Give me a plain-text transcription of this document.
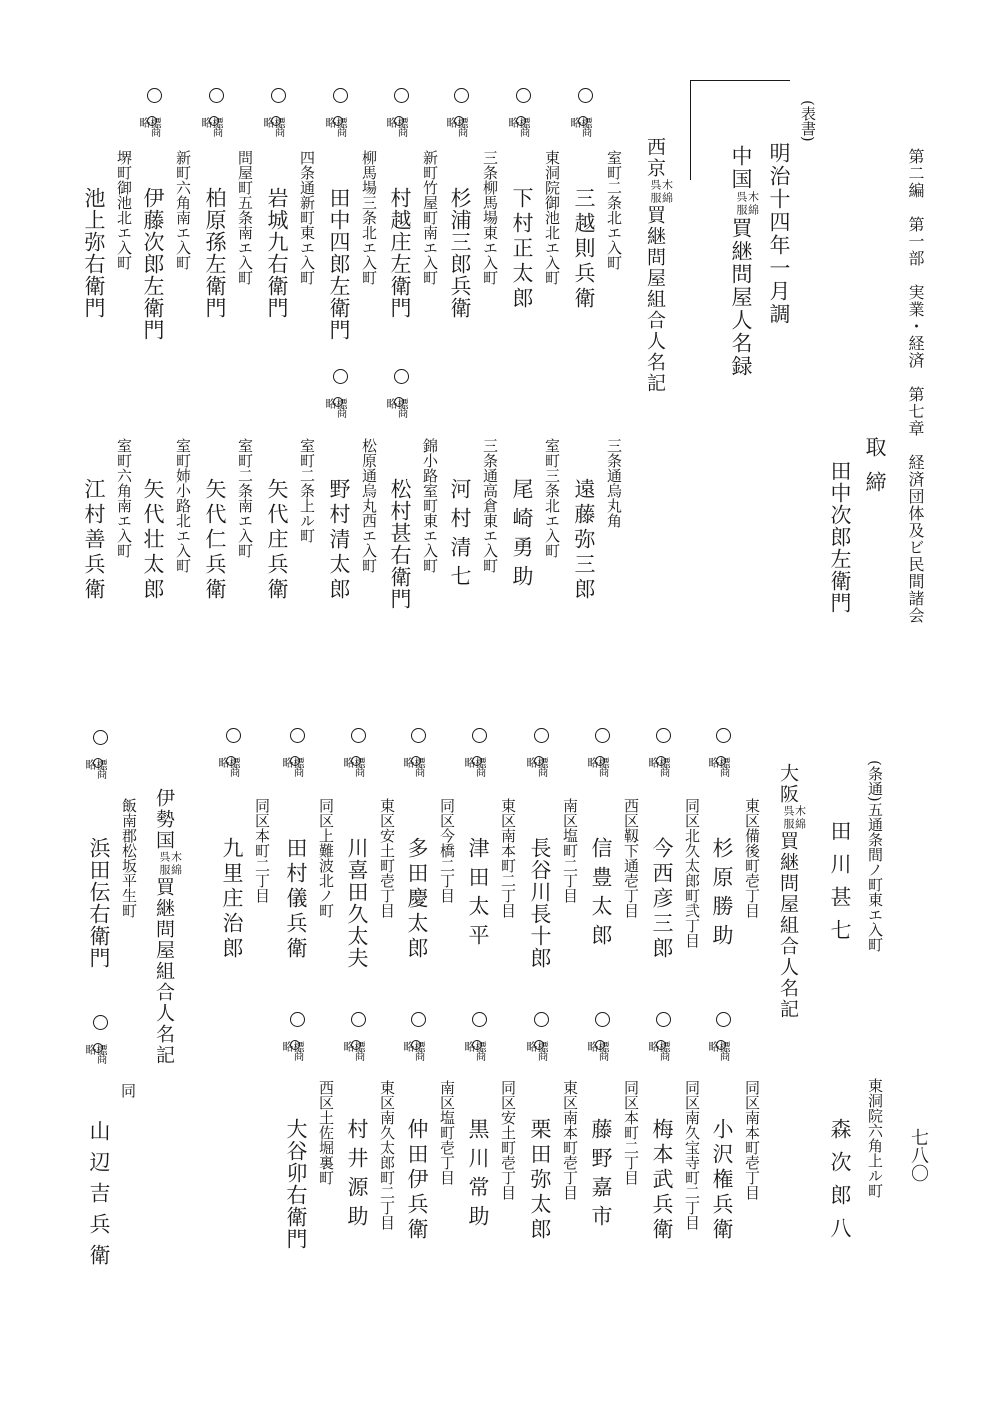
第二編　第一部　実業・経済　第七章　経済団体及ビ民間諸会
七八〇
(表書)
明治十四年一月調
中国
木綿
呉服
買継問屋人名録
取締
田中次郎左衛門
西京
木綿
呉服
買継問屋組合人名記
商
標
略
室町二条北エ入町
三越則兵衛
商
標
略
東洞院御池北エ入町
下村正太郎
商
標
略
三条柳馬場東エ入町
杉浦三郎兵衛
商
標
略
新町竹屋町南エ入町
村越庄左衛門
商
標
略
柳馬場三条北エ入町
田中四郎左衛門
商
標
略
四条通新町東エ入町
岩城九右衛門
商
標
略
問屋町五条南エ入町
柏原孫左衛門
商
標
略
新町六角南エ入町
伊藤次郎左衛門
堺町御池北エ入町
池上弥右衛門
三条通烏丸角
遠藤弥三郎
室町三条北エ入町
尾崎勇助
三条通高倉東エ入町
河村清七
商
標
略
錦小路室町東エ入町
松村甚右衛門
商
標
略
松原通烏丸西エ入町
野村清太郎
室町二条上ル町
矢代庄兵衛
室町二条南エ入町
矢代仁兵衛
室町姉小路北エ入町
矢代壮太郎
室町六角南エ入町
江村善兵衛
(条通)五通条間ノ町東エ入町
田川甚七
東洞院六角上ル町
森次郎八
大阪
木綿
呉服
買継問屋組合人名記
伊勢国
木綿
呉服
買継問屋組合人名記
商
標
略
東区備後町壱丁目
杉原勝助
商
標
略
同区北久太郎町弐丁目
今西彦三郎
商
標
略
西区靱下通壱丁目
信豊太郎
商
標
略
南区塩町二丁目
長谷川長十郎
商
標
略
東区南本町二丁目
津田太平
商
標
略
同区今橋二丁目
多田慶太郎
商
標
略
東区安土町壱丁目
川喜田久太夫
商
標
略
同区上難波北ノ町
田村儀兵衛
商
標
略
同区本町二丁目
九里庄治郎
商
標
略
同区南本町壱丁目
小沢権兵衛
商
標
略
同区南久宝寺町二丁目
梅本武兵衛
商
標
略
同区本町二丁目
藤野嘉市
商
標
略
東区南本町壱丁目
栗田弥太郎
商
標
略
同区安土町壱丁目
黒川常助
商
標
略
南区塩町壱丁目
仲田伊兵衛
商
標
略
東区南久太郎町二丁目
村井源助
商
標
略
西区土佐堀裏町
大谷卯右衛門
商
標
略
飯南郡松坂平生町
浜田伝右衛門
商
標
略
同
山辺吉兵衛
